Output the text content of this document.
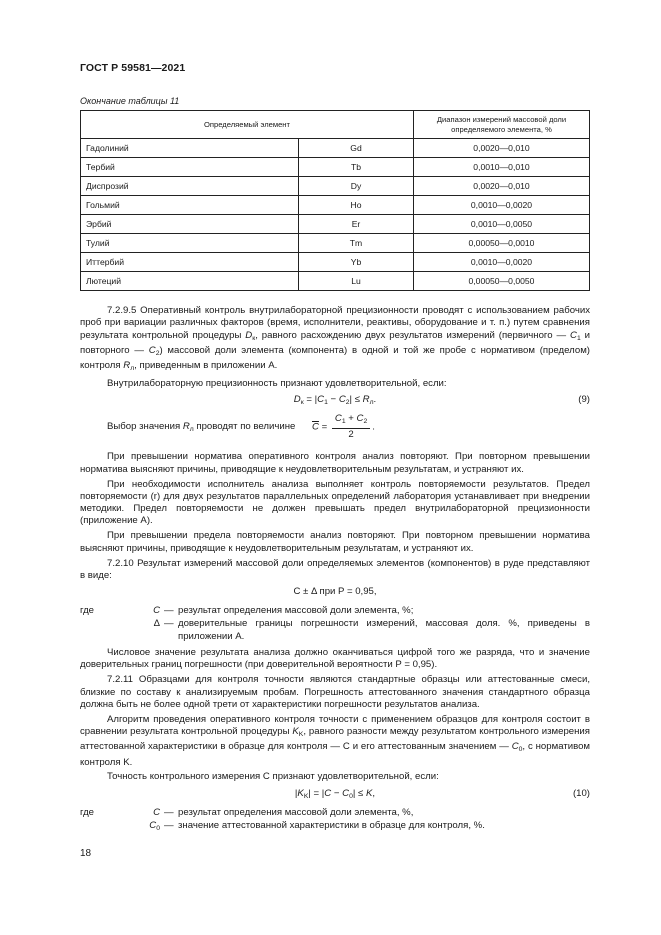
ГОСТ Р 59581—2021
Окончание таблицы 11
Определяемый элемент		Диапазон измерений массовой доли определяемого элемента, %
Гадолиний	Gd	0,0020—0,010
Тербий	Tb	0,0010—0,010
Диспрозий	Dy	0,0020—0,010
Гольмий	Ho	0,0010—0,0020
Эрбий	Er	0,0010—0,0050
Тулий	Tm	0,00050—0,0010
Иттербий	Yb	0,0010—0,0020
Лютеций	Lu	0,00050—0,0050

7.2.9.5 Оперативный контроль внутрилабораторной прецизионности проводят с использованием рабочих проб при вариации различных факторов (время, исполнители, реактивы, оборудование и т. п.) путем сравнения результата контрольной процедуры $D_к$, равного расхождению двух результатов измерений (первичного — $C_1$ и повторного — $C_2$) массовой доли элемента (компонента) в одной и той же пробе с нормативом (пределом) контроля $R_л$, приведенным в приложении А.

Внутрилабораторную прецизионность признают удовлетворительной, если:

$D_к = |C_1 - C_2| \le R_л$.	(9)
Выбор значения $R_л$ проводят по величине $\overline{C} = \frac{C_1 + C_2}{2}$ .

При превышении норматива оперативного контроля анализ повторяют. При повторном превышении норматива выясняют причины, приводящие к неудовлетворительным результатам, и устраняют их.

При необходимости исполнитель анализа выполняет контроль повторяемости результатов. Предел повторяемости (r) для двух результатов параллельных определений лаборатория устанавливает при внедрении методики. Предел повторяемости не должен превышать предел внутрилабораторной прецизионности (приложение А).

При превышении предела повторяемости анализ повторяют. При повторном превышении норматива выясняют причины, приводящие к неудовлетворительным результатам, и устраняют их.

7.2.10 Результат измерений массовой доли определяемых элементов (компонентов) в руде представляют в виде:

C ± Δ при P = 0,95,
где	C — результат определения массовой доли элемента, %;
Δ — доверительные границы погрешности измерений, массовая доля. %, приведены в приложении А.

Числовое значение результата анализа должно оканчиваться цифрой того же разряда, что и значение доверительных границ погрешности (при доверительной вероятности P = 0,95).

7.2.11 Образцами для контроля точности являются стандартные образцы или аттестованные смеси, близкие по составу к анализируемым пробам. Погрешность аттестованного значения стандартного образца должна быть не более одной трети от характеристики погрешности результатов анализа.

Алгоритм проведения оперативного контроля точности с применением образцов для контроля состоит в сравнении результата контрольной процедуры $K_K$, равного разности между результатом контрольного измерения аттестованной характеристики в образце для контроля — C и его аттестованным значением — $C_0$, с нормативом контроля K.

Точность контрольного измерения С признают удовлетворительной, если:

$|K_K| = |C - C_0| \le K$,	(10)
где	C — результат определения массовой доли элемента, %,
$C_0$ — значение аттестованной характеристики в образце для контроля, %.
18
